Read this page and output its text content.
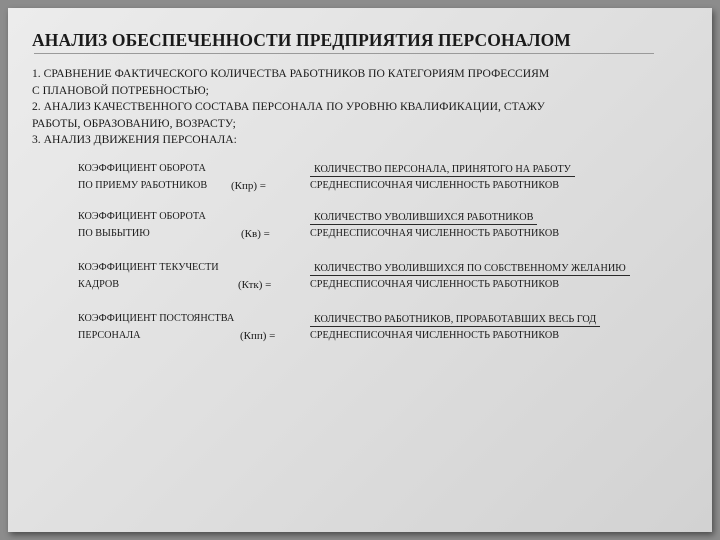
АНАЛИЗ ОБЕСПЕЧЕННОСТИ ПРЕДПРИЯТИЯ ПЕРСОНАЛОМ
1. СРАВНЕНИЕ ФАКТИЧЕСКОГО КОЛИЧЕСТВА РАБОТНИКОВ ПО КАТЕГОРИЯМ ПРОФЕССИЯМ
С ПЛАНОВОЙ ПОТРЕБНОСТЬЮ;
2. АНАЛИЗ КАЧЕСТВЕННОГО СОСТАВА ПЕРСОНАЛА ПО УРОВНЮ КВАЛИФИКАЦИИ, СТАЖУ
РАБОТЫ, ОБРАЗОВАНИЮ, ВОЗРАСТУ;
3. АНАЛИЗ ДВИЖЕНИЯ ПЕРСОНАЛА:
КОЭФФИЦИЕНТ ОБОРОТА
ПО ПРИЕМУ РАБОТНИКОВ (Кпр) =
КОЛИЧЕСТВО ПЕРСОНАЛА, ПРИНЯТОГО НА РАБОТУ
СРЕДНЕСПИСОЧНАЯ ЧИСЛЕННОСТЬ РАБОТНИКОВ
КОЭФФИЦИЕНТ ОБОРОТА
ПО ВЫБЫТИЮ	(Кв) =
КОЛИЧЕСТВО УВОЛИВШИХСЯ РАБОТНИКОВ
СРЕДНЕСПИСОЧНАЯ ЧИСЛЕННОСТЬ РАБОТНИКОВ
КОЭФФИЦИЕНТ ТЕКУЧЕСТИ
КАДРОВ	(Ктк) =
КОЛИЧЕСТВО УВОЛИВШИХСЯ ПО СОБСТВЕННОМУ ЖЕЛАНИЮ
СРЕДНЕСПИСОЧНАЯ ЧИСЛЕННОСТЬ РАБОТНИКОВ
КОЭФФИЦИЕНТ ПОСТОЯНСТВА
ПЕРСОНАЛА	(Кпп) =
КОЛИЧЕСТВО РАБОТНИКОВ, ПРОРАБОТАВШИХ ВЕСЬ ГОД
СРЕДНЕСПИСОЧНАЯ ЧИСЛЕННОСТЬ РАБОТНИКОВ
